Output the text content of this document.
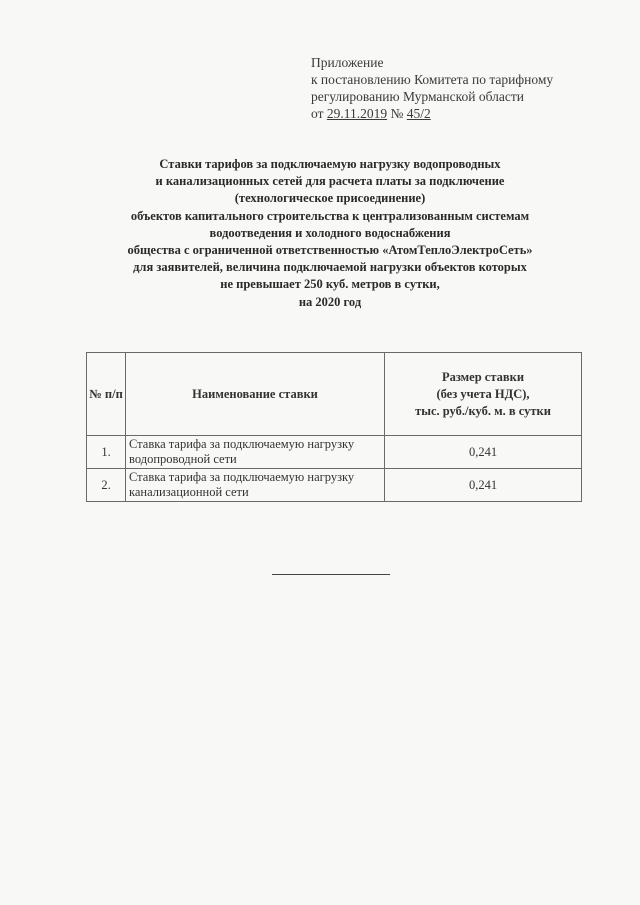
Приложение
к постановлению Комитета по тарифному
регулированию Мурманской области
от 29.11.2019 № 45/2
Ставки тарифов за подключаемую нагрузку водопроводных
и канализационных сетей для расчета платы за подключение
(технологическое присоединение)
объектов капитального строительства к централизованным системам
водоотведения и холодного водоснабжения
общества с ограниченной ответственностью «АтомТеплоЭлектроСеть»
для заявителей, величина подключаемой нагрузки объектов которых
не превышает 250 куб. метров в сутки,
на 2020 год
№ п/п	Наименование ставки	Размер ставки
(без учета НДС),
тыс. руб./куб. м. в сутки

1.	Ставка тарифа за подключаемую нагрузку водопроводной сети	0,241
2.	Ставка тарифа за подключаемую нагрузку канализационной сети	0,241
